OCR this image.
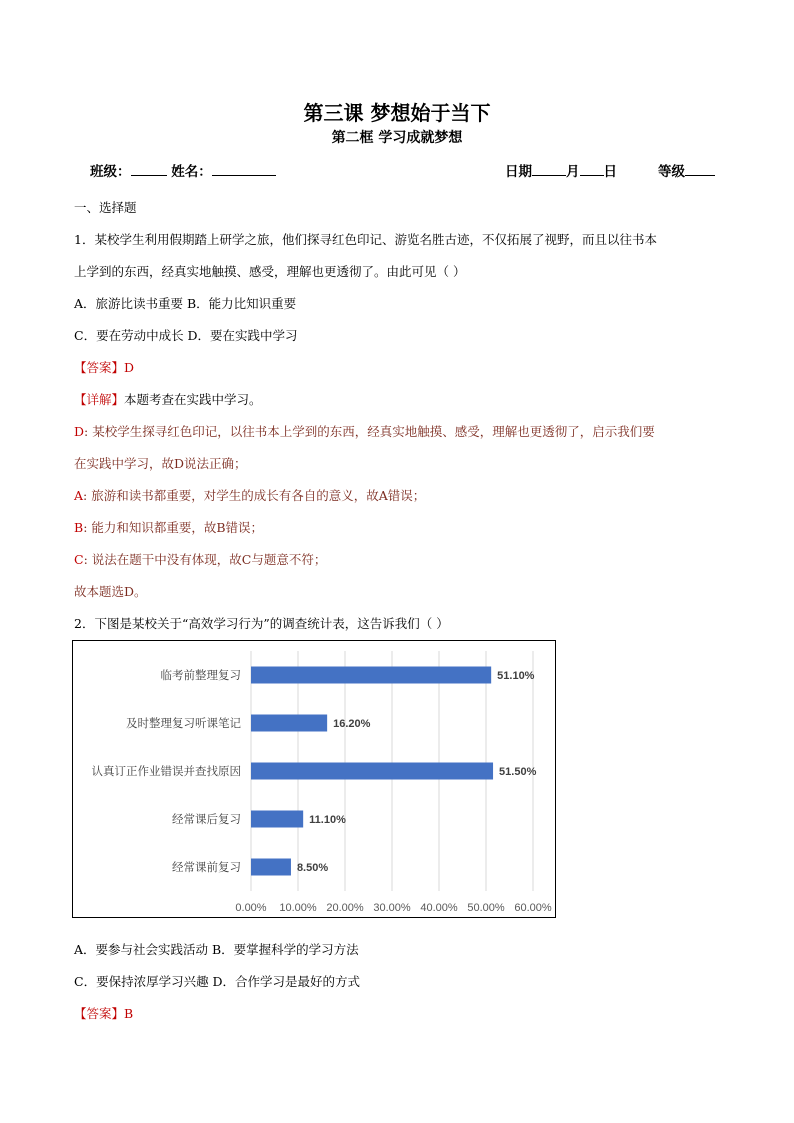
第三课 梦想始于当下
第二框 学习成就梦想
班级：	姓名：	日期	月 日	等级
一、选择题
1．某校学生利用假期踏上研学之旅，他们探寻红色印记、游览名胜古迹，不仅拓展了视野，而且以往书本
上学到的东西，经真实地触摸、感受，理解也更透彻了。由此可见（ ）
A．旅游比读书重要 B．能力比知识重要
C．要在劳动中成长 D．要在实践中学习
【答案】D
【详解】本题考查在实践中学习。
D: 某校学生探寻红色印记，以往书本上学到的东西，经真实地触摸、感受，理解也更透彻了，启示我们要
在实践中学习，故D说法正确；
A: 旅游和读书都重要，对学生的成长有各自的意义，故A错误；
B: 能力和知识都重要，故B错误；
C: 说法在题干中没有体现，故C与题意不符；
故本题选D。
2．下图是某校关于“高效学习行为”的调查统计表，这告诉我们（ ）
0.00% 10.00% 20.00% 30.00% 40.00% 50.00% 60.00%
临考前整理复习	51.10%
及时整理复习听课笔记	16.20%
认真订正作业错误并查找原因	51.50%
经常课后复习	11.10%
经常课前复习	8.50%
A．要参与社会实践活动 B．要掌握科学的学习方法
C．要保持浓厚学习兴趣 D．合作学习是最好的方式
【答案】B
